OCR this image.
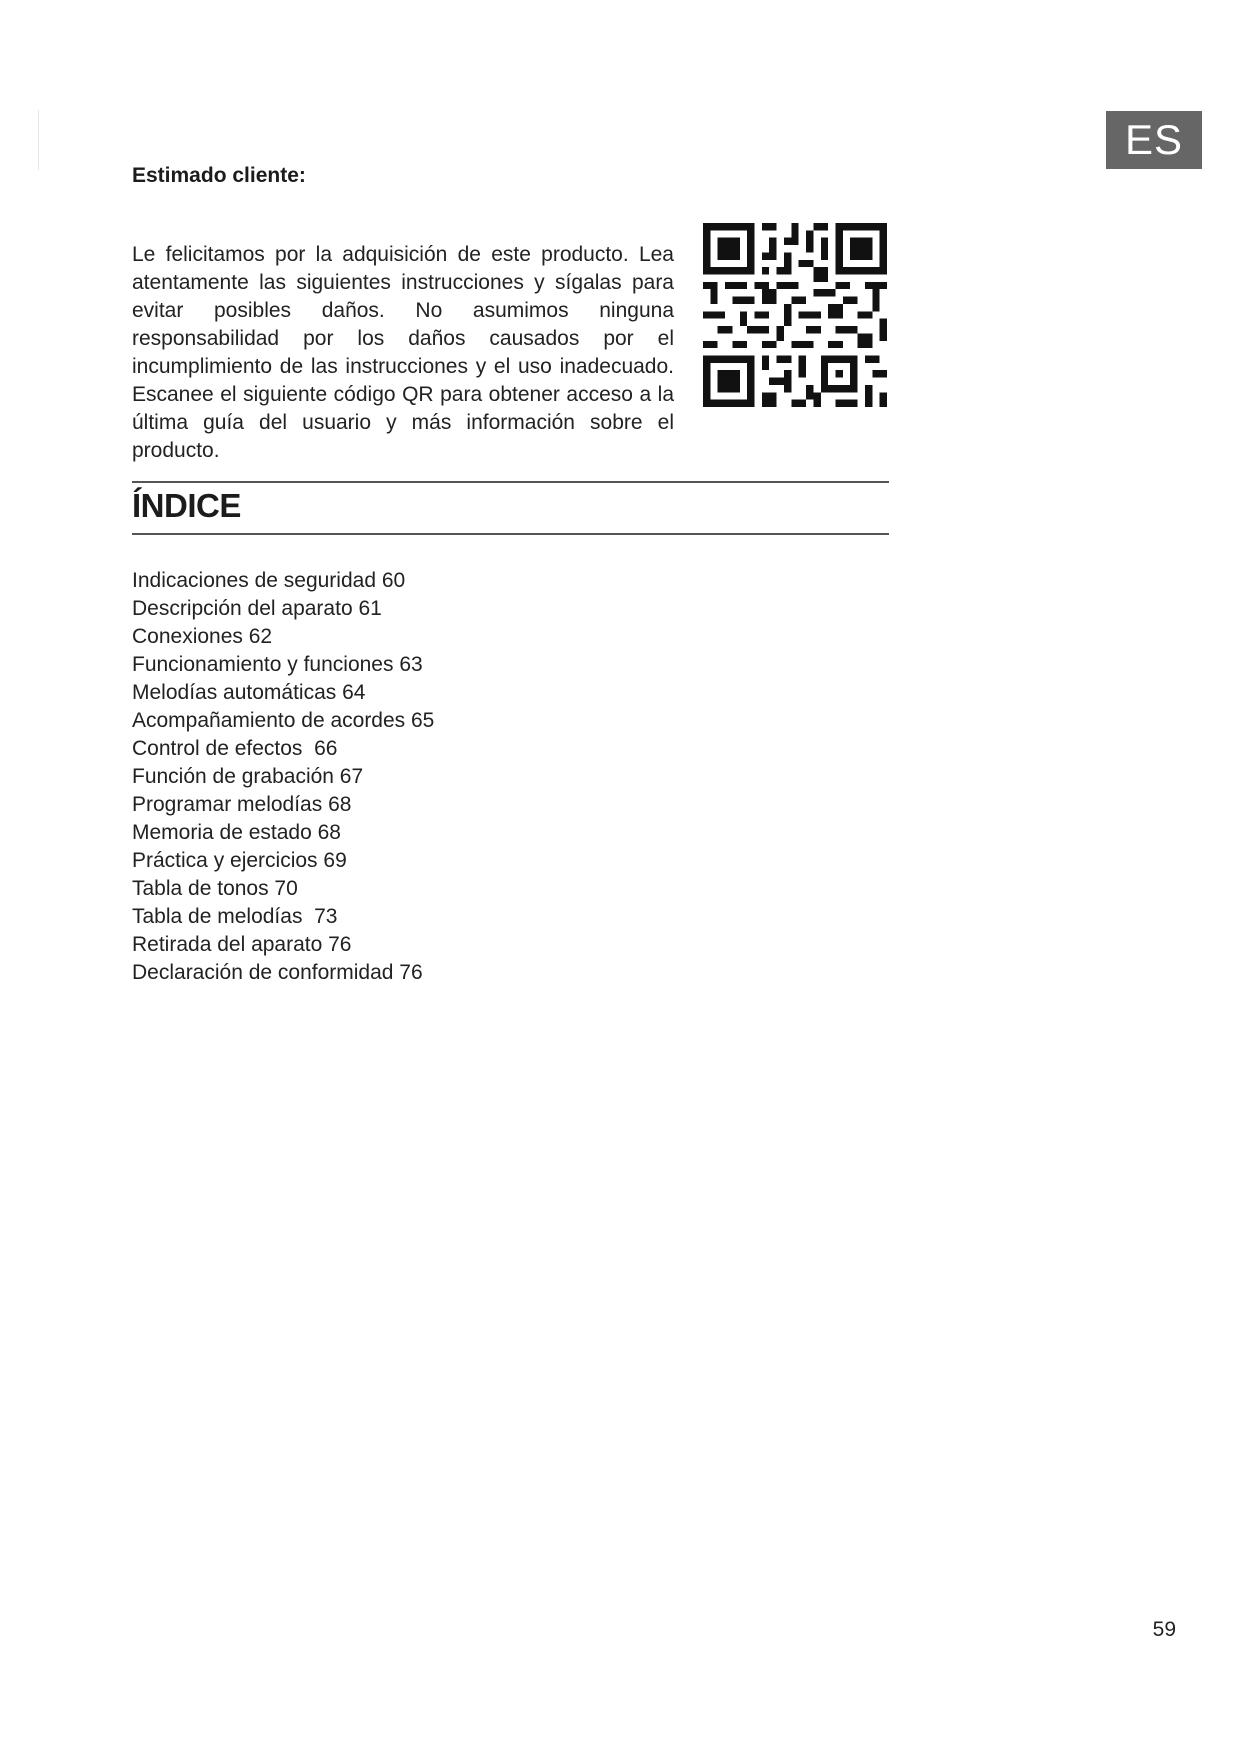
ES
Estimado cliente:

Le felicitamos por la adquisición de este producto. Lea atentamente las siguientes instrucciones y sígalas para evitar posibles daños. No asumimos ninguna responsabilidad por los daños causados por el incumplimiento de las instrucciones y el uso inadecuado. Escanee el siguiente código QR para obtener acceso a la última guía del usuario y más información sobre el producto.

ÍNDICE
Indicaciones de seguridad 60
Descripción del aparato 61
Conexiones 62
Funcionamiento y funciones 63
Melodías automáticas 64
Acompañamiento de acordes 65
Control de efectos  66
Función de grabación 67
Programar melodías 68
Memoria de estado 68
Práctica y ejercicios 69
Tabla de tonos 70
Tabla de melodías  73
Retirada del aparato 76
Declaración de conformidad 76
59
